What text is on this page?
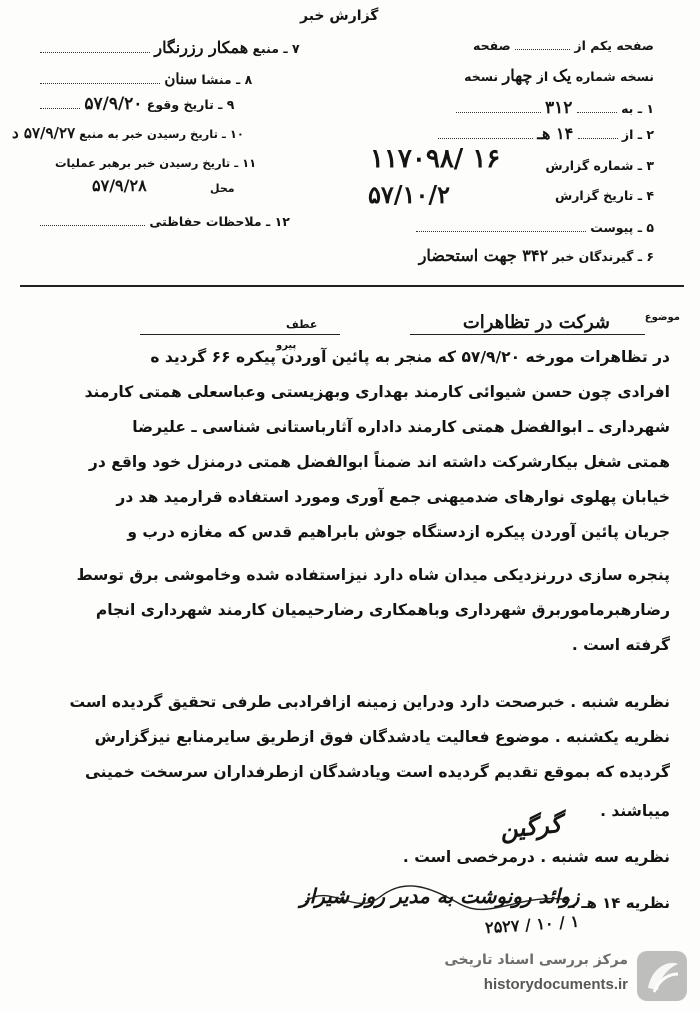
گزارش خبر
۷ ـ منبع همکار رزرنگار
۸ ـ منشا سنان
۹ ـ تاریخ وقوع ۵۷/۹/۲۰
۱۰ ـ تاریخ رسیدن خبر به منبع ۵۷/۹/۲۷ د
۱۱ ـ تاریخ رسیدن خبر برهبر عملیات
۵۷/۹/۲۸	محل
۱۲ ـ ملاحظات حفاظتی
صفحه یکم از  صفحه
نسخه شماره یک از چهار نسخه
۱ ـ به  ۳۱۲
۲ ـ از  ۱۴ هـ
۳ ـ شماره گزارش
۱۱۷۰۹۸/ ۱۶
۴ ـ تاریخ گزارش
۵۷/۱۰/۲
۵ ـ پیوست
۶ ـ گیرندگان خبر ۳۴۲ جهت استحضار
موضوع
شرکت در تظاهرات
عطف
پیرو
در تظاهرات مورخه ۵۷/۹/۲۰ که منجر به پائین آوردن پیکره ۶۶ گردید ه
افرادی چون حسن شیوائی کارمند بهداری وبهزیستی وعباسعلی همتی کارمند
شهرداری ـ ابوالفضل همتی کارمند داداره آثارباستانی شناسی ـ علیرضا
همتی شغل بیکارشرکت داشته اند ضمناً ابوالفضل همتی درمنزل خود واقع در
خیابان پهلوی نوارهای ضدمیهنی جمع آوری ومورد استفاده قرارمید هد در
جریان پائین آوردن پیکره ازدستگاه جوش بابراهیم قدس که مغازه درب و
پنجره سازی دررنزدیکی میدان شاه دارد نیزاستفاده شده وخاموشی برق توسط
رضارهبرماموربرق شهرداری وباهمکاری رضارحیمیان کارمند شهرداری انجام
گرفته است .
نظریه شنبه . خبرصحت دارد ودراین زمینه ازافرادبی طرفی تحقیق گردیده است
نظریه یکشنبه . موضوع فعالیت یادشدگان فوق ازطریق سایرمنابع نیزگزارش
گردیده که بموقع تقدیم گردیده است ویادشدگان ازطرفداران سرسخت خمینی
میباشند .
گرگین
نظریه سه شنبه . درمرخصی است .
نظریه ۱۴ هـ .
زوائد رونوشت به مدیر روز شیراز
۲۵۲۷ / ۱۰ / ۱
مرکز بررسی اسناد تاریخی
historydocuments.ir
